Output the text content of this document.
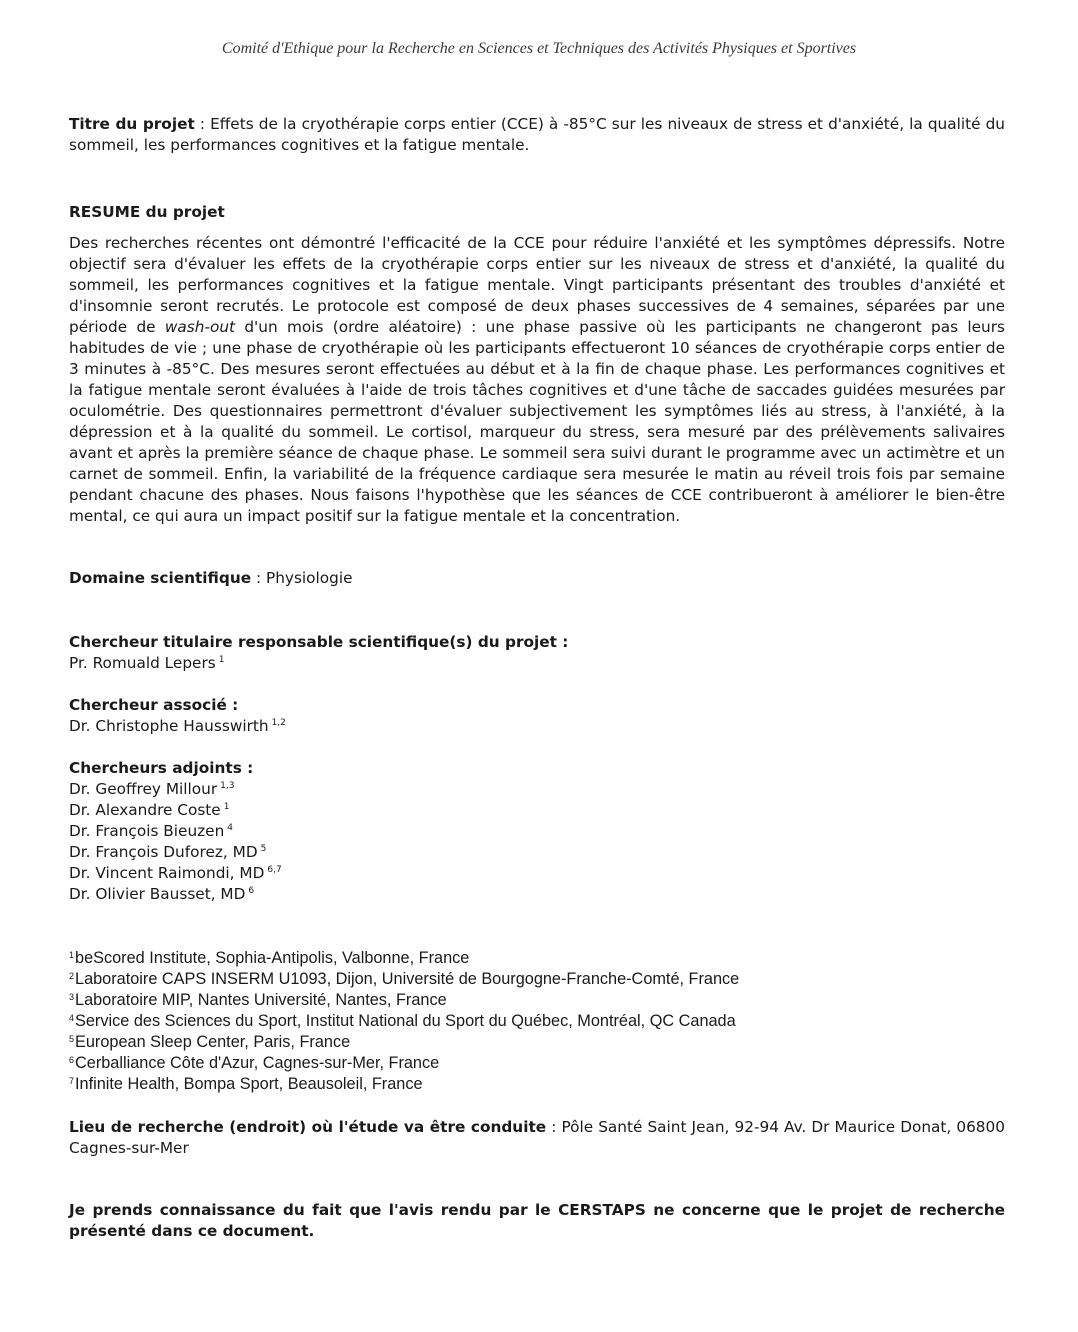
Comité d'Ethique pour la Recherche en Sciences et Techniques des Activités Physiques et Sportives

Titre du projet : Effets de la cryothérapie corps entier (CCE) à -85°C sur les niveaux de stress et d'anxiété, la qualité du sommeil, les performances cognitives et la fatigue mentale.

RESUME du projet

Des recherches récentes ont démontré l'efficacité de la CCE pour réduire l'anxiété et les symptômes dépressifs. Notre objectif sera d'évaluer les effets de la cryothérapie corps entier sur les niveaux de stress et d'anxiété, la qualité du sommeil, les performances cognitives et la fatigue mentale. Vingt participants présentant des troubles d'anxiété et d'insomnie seront recrutés. Le protocole est composé de deux phases successives de 4 semaines, séparées par une période de wash-out d'un mois (ordre aléatoire) : une phase passive où les participants ne changeront pas leurs habitudes de vie ; une phase de cryothérapie où les participants effectueront 10 séances de cryothérapie corps entier de 3 minutes à -85°C. Des mesures seront effectuées au début et à la fin de chaque phase. Les performances cognitives et la fatigue mentale seront évaluées à l'aide de trois tâches cognitives et d'une tâche de saccades guidées mesurées par oculométrie. Des questionnaires permettront d'évaluer subjectivement les symptômes liés au stress, à l'anxiété, à la dépression et à la qualité du sommeil. Le cortisol, marqueur du stress, sera mesuré par des prélèvements salivaires avant et après la première séance de chaque phase. Le sommeil sera suivi durant le programme avec un actimètre et un carnet de sommeil. Enfin, la variabilité de la fréquence cardiaque sera mesurée le matin au réveil trois fois par semaine pendant chacune des phases. Nous faisons l'hypothèse que les séances de CCE contribueront à améliorer le bien-être mental, ce qui aura un impact positif sur la fatigue mentale et la concentration.

Domaine scientifique : Physiologie
Chercheur titulaire responsable scientifique(s) du projet :
Pr. Romuald Lepers $^1$
Chercheur associé :
Dr. Christophe Hausswirth $^{1,2}$
Chercheurs adjoints :
Dr. Geoffrey Millour $^{1,3}$
Dr. Alexandre Coste $^1$
Dr. François Bieuzen $^4$
Dr. François Duforez, MD $^5$
Dr. Vincent Raimondi, MD $^{6,7}$
Dr. Olivier Bausset, MD $^6$
$^1$beScored Institute, Sophia-Antipolis, Valbonne, France
$^2$Laboratoire CAPS INSERM U1093, Dijon, Université de Bourgogne-Franche-Comté, France
$^3$Laboratoire MIP, Nantes Université, Nantes, France
$^4$Service des Sciences du Sport, Institut National du Sport du Québec, Montréal, QC Canada
$^5$European Sleep Center, Paris, France
$^6$Cerballiance Côte d'Azur, Cagnes-sur-Mer, France
$^7$Infinite Health, Bompa Sport, Beausoleil, France

Lieu de recherche (endroit) où l'étude va être conduite : Pôle Santé Saint Jean, 92-94 Av. Dr Maurice Donat, 06800 Cagnes-sur-Mer

Je prends connaissance du fait que l'avis rendu par le CERSTAPS ne concerne que le projet de recherche présenté dans ce document.
